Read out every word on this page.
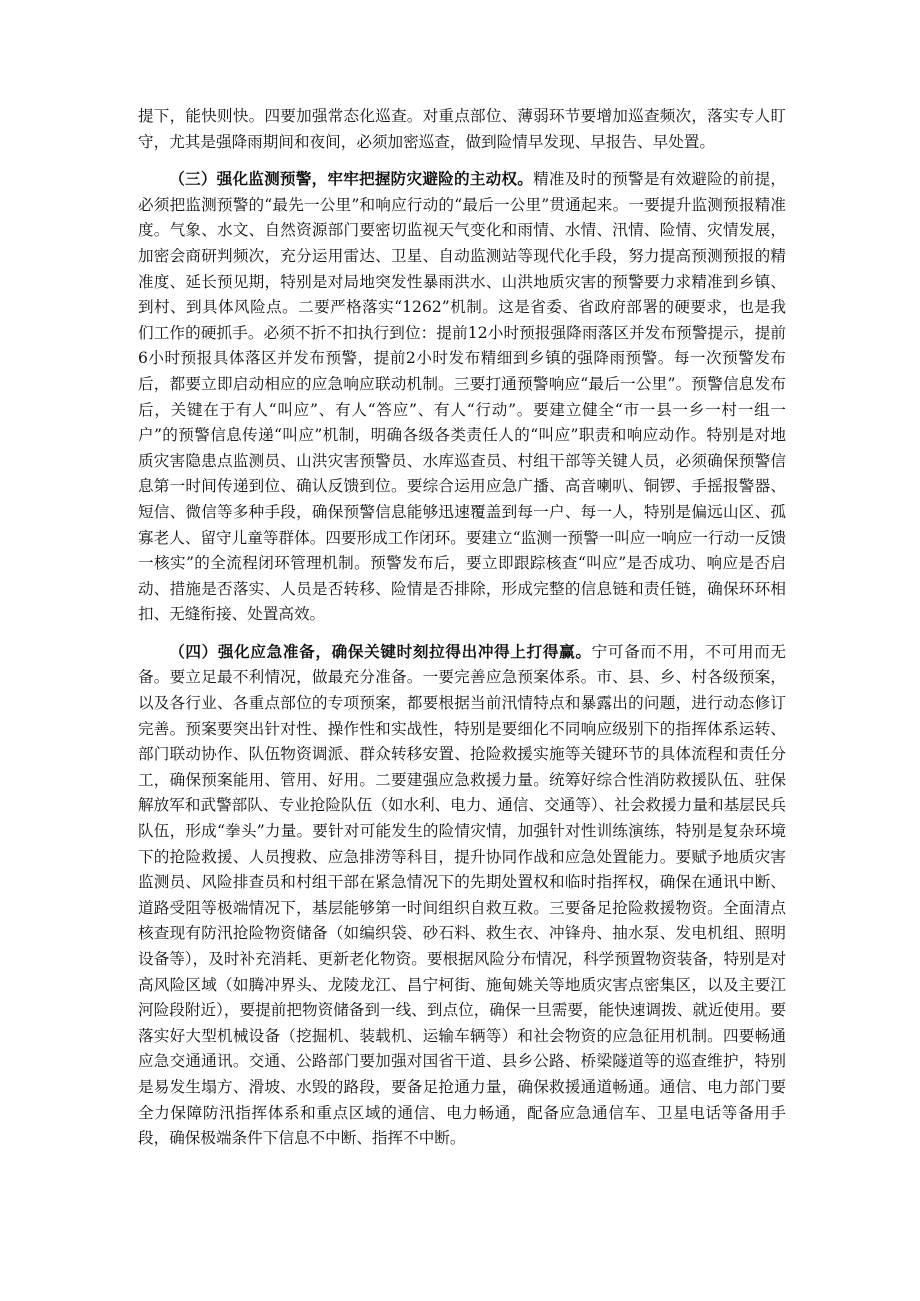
提下，能快则快。四要加强常态化巡查。对重点部位、薄弱环节要增加巡查频次，落实专人盯守，尤其是强降雨期间和夜间，必须加密巡查，做到险情早发现、早报告、早处置。

（三）强化监测预警，牢牢把握防灾避险的主动权。精准及时的预警是有效避险的前提，必须把监测预警的“最先一公里”和响应行动的“最后一公里”贯通起来。一要提升监测预报精准度。气象、水文、自然资源部门要密切监视天气变化和雨情、水情、汛情、险情、灾情发展，加密会商研判频次，充分运用雷达、卫星、自动监测站等现代化手段，努力提高预测预报的精准度、延长预见期，特别是对局地突发性暴雨洪水、山洪地质灾害的预警要力求精准到乡镇、到村、到具体风险点。二要严格落实“1262”机制。这是省委、省政府部署的硬要求，也是我们工作的硬抓手。必须不折不扣执行到位：提前12小时预报强降雨落区并发布预警提示，提前6小时预报具体落区并发布预警，提前2小时发布精细到乡镇的强降雨预警。每一次预警发布后，都要立即启动相应的应急响应联动机制。三要打通预警响应“最后一公里”。预警信息发布后，关键在于有人“叫应”、有人“答应”、有人“行动”。要建立健全“市一县一乡一村一组一户”的预警信息传递“叫应”机制，明确各级各类责任人的“叫应”职责和响应动作。特别是对地质灾害隐患点监测员、山洪灾害预警员、水库巡查员、村组干部等关键人员，必须确保预警信息第一时间传递到位、确认反馈到位。要综合运用应急广播、高音喇叭、铜锣、手摇报警器、短信、微信等多种手段，确保预警信息能够迅速覆盖到每一户、每一人，特别是偏远山区、孤寡老人、留守儿童等群体。四要形成工作闭环。要建立“监测一预警一叫应一响应一行动一反馈一核实”的全流程闭环管理机制。预警发布后，要立即跟踪核查“叫应”是否成功、响应是否启动、措施是否落实、人员是否转移、险情是否排除，形成完整的信息链和责任链，确保环环相扣、无缝衔接、处置高效。

（四）强化应急准备，确保关键时刻拉得出冲得上打得赢。宁可备而不用，不可用而无备。要立足最不利情况，做最充分准备。一要完善应急预案体系。市、县、乡、村各级预案，以及各行业、各重点部位的专项预案，都要根据当前汛情特点和暴露出的问题，进行动态修订完善。预案要突出针对性、操作性和实战性，特别是要细化不同响应级别下的指挥体系运转、部门联动协作、队伍物资调派、群众转移安置、抢险救援实施等关键环节的具体流程和责任分工，确保预案能用、管用、好用。二要建强应急救援力量。统筹好综合性消防救援队伍、驻保解放军和武警部队、专业抢险队伍（如水利、电力、通信、交通等）、社会救援力量和基层民兵队伍，形成“拳头”力量。要针对可能发生的险情灾情，加强针对性训练演练，特别是复杂环境下的抢险救援、人员搜救、应急排涝等科目，提升协同作战和应急处置能力。要赋予地质灾害监测员、风险排查员和村组干部在紧急情况下的先期处置权和临时指挥权，确保在通讯中断、道路受阻等极端情况下，基层能够第一时间组织自救互救。三要备足抢险救援物资。全面清点核查现有防汛抢险物资储备（如编织袋、砂石料、救生衣、冲锋舟、抽水泵、发电机组、照明设备等），及时补充消耗、更新老化物资。要根据风险分布情况，科学预置物资装备，特别是对高风险区域（如腾冲界头、龙陵龙江、昌宁柯街、施甸姚关等地质灾害点密集区，以及主要江河险段附近），要提前把物资储备到一线、到点位，确保一旦需要，能快速调拨、就近使用。要落实好大型机械设备（挖掘机、装载机、运输车辆等）和社会物资的应急征用机制。四要畅通应急交通通讯。交通、公路部门要加强对国省干道、县乡公路、桥梁隧道等的巡查维护，特别是易发生塌方、滑坡、水毁的路段，要备足抢通力量，确保救援通道畅通。通信、电力部门要全力保障防汛指挥体系和重点区域的通信、电力畅通，配备应急通信车、卫星电话等备用手段，确保极端条件下信息不中断、指挥不中断。
